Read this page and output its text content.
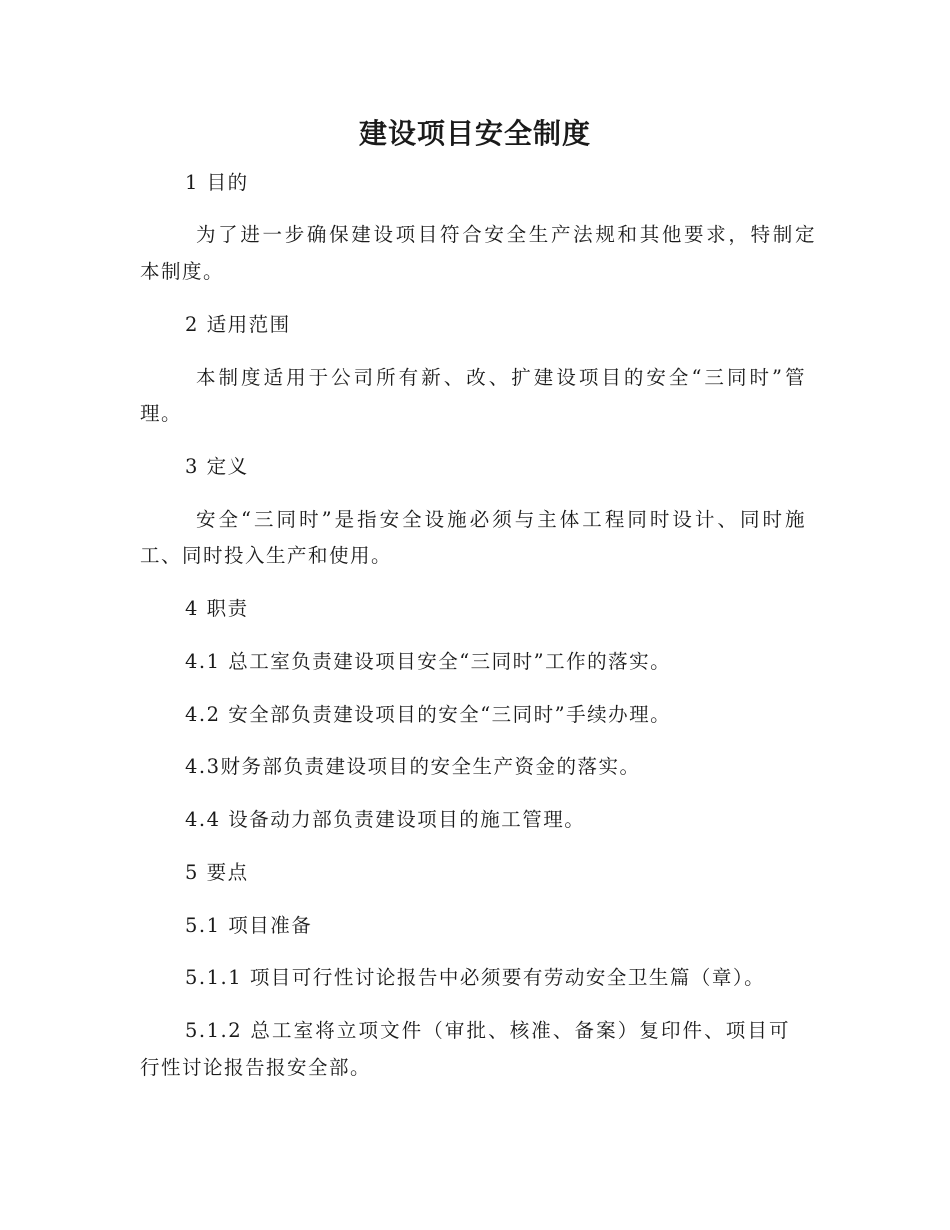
建设项目安全制度
1 目的
为了进一步确保建设项目符合安全生产法规和其他要求，特制定
本制度。
2 适用范围
本制度适用于公司所有新、改、扩建设项目的安全“三同时”管
理。
3 定义
安全“三同时”是指安全设施必须与主体工程同时设计、同时施
工、同时投入生产和使用。
4 职责
4.1 总工室负责建设项目安全“三同时”工作的落实。
4.2 安全部负责建设项目的安全“三同时”手续办理。
4.3财务部负责建设项目的安全生产资金的落实。
4.4 设备动力部负责建设项目的施工管理。
5 要点
5.1 项目准备
5.1.1 项目可行性讨论报告中必须要有劳动安全卫生篇（章）。
5.1.2 总工室将立项文件（审批、核准、备案）复印件、项目可
行性讨论报告报安全部。
